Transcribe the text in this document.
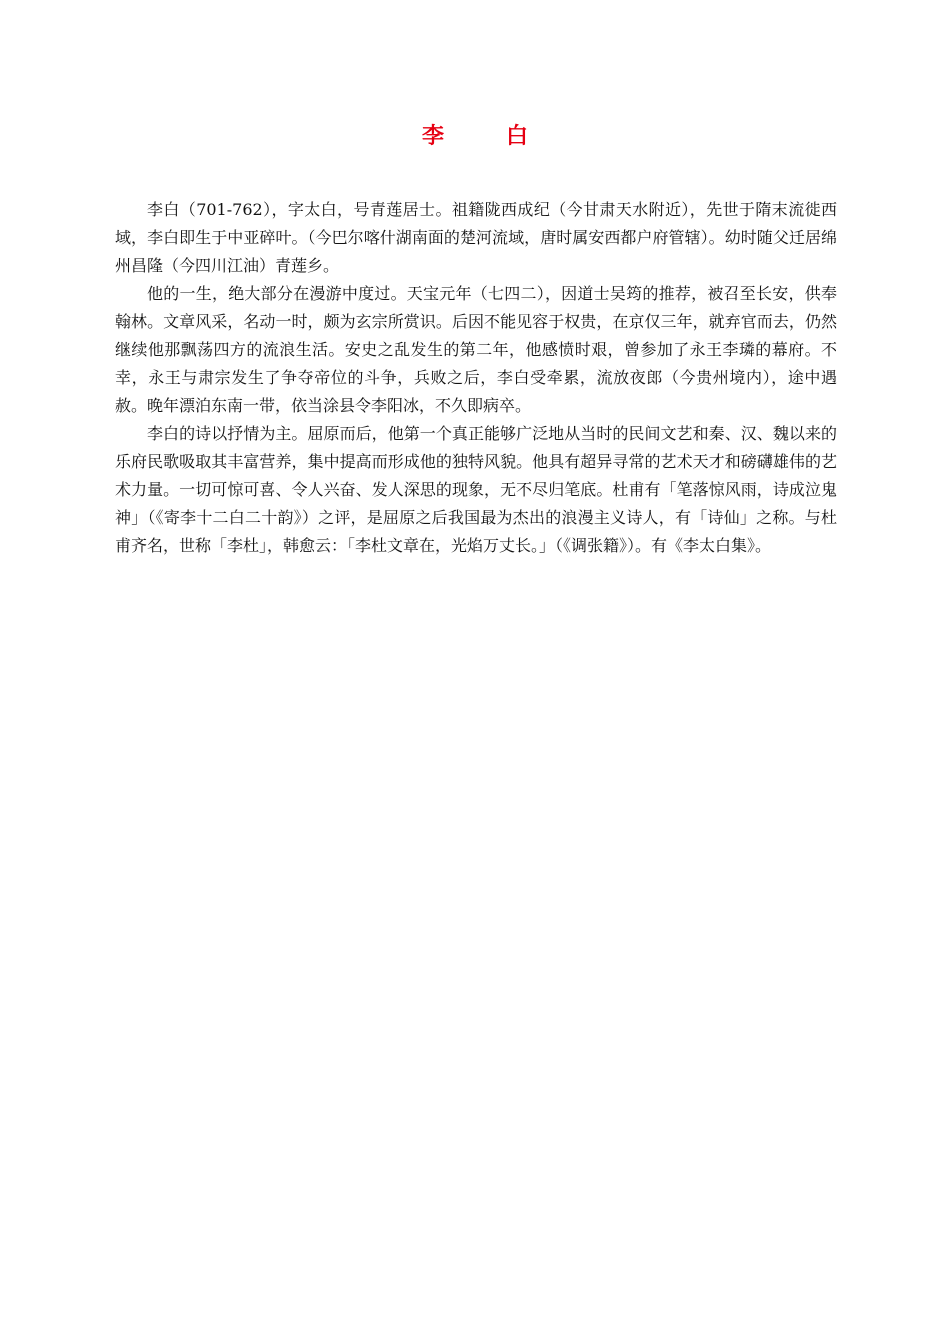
李　白

李白（701-762），字太白，号青莲居士。祖籍陇西成纪（今甘肃天水附近），先世于隋末流徙西域，李白即生于中亚碎叶。（今巴尔喀什湖南面的楚河流域，唐时属安西都户府管辖）。幼时随父迁居绵州昌隆（今四川江油）青莲乡。

他的一生，绝大部分在漫游中度过。天宝元年（七四二），因道士吴筠的推荐，被召至长安，供奉翰林。文章风采，名动一时，颇为玄宗所赏识。后因不能见容于权贵，在京仅三年，就弃官而去，仍然继续他那飘荡四方的流浪生活。安史之乱发生的第二年，他感愤时艰，曾参加了永王李璘的幕府。不幸，永王与肃宗发生了争夺帝位的斗争，兵败之后，李白受牵累，流放夜郎（今贵州境内），途中遇赦。晚年漂泊东南一带，依当涂县令李阳冰，不久即病卒。

李白的诗以抒情为主。屈原而后，他第一个真正能够广泛地从当时的民间文艺和秦、汉、魏以来的乐府民歌吸取其丰富营养，集中提高而形成他的独特风貌。他具有超异寻常的艺术天才和磅礴雄伟的艺术力量。一切可惊可喜、令人兴奋、发人深思的现象，无不尽归笔底。杜甫有「笔落惊风雨，诗成泣鬼神」（《寄李十二白二十韵》）之评，是屈原之后我国最为杰出的浪漫主义诗人，有「诗仙」之称。与杜甫齐名，世称「李杜」，韩愈云：「李杜文章在，光焰万丈长。」（《调张籍》）。有《李太白集》。
